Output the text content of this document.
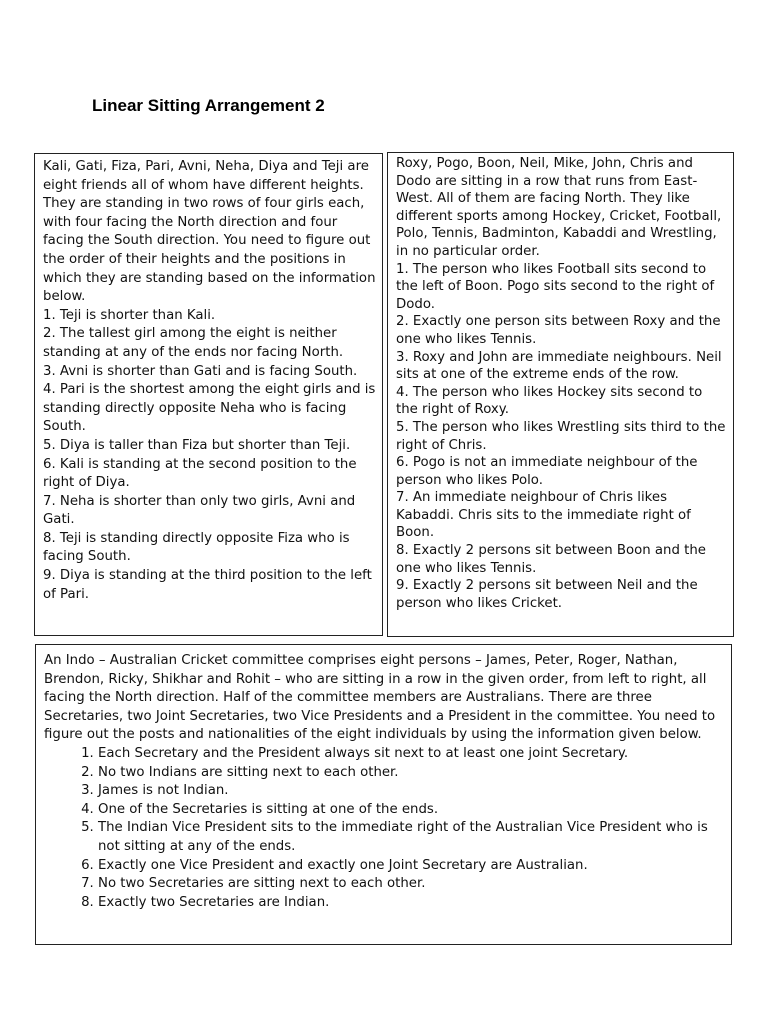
Linear Sitting Arrangement 2

Kali, Gati, Fiza, Pari, Avni, Neha, Diya and Teji are eight friends all of whom have different heights. They are standing in two rows of four girls each, with four facing the North direction and four facing the South direction. You need to figure out the order of their heights and the positions in which they are standing based on the information below.

1. Teji is shorter than Kali.

2. The tallest girl among the eight is neither standing at any of the ends nor facing North.

3. Avni is shorter than Gati and is facing South.

4. Pari is the shortest among the eight girls and is standing directly opposite Neha who is facing South.

5. Diya is taller than Fiza but shorter than Teji.

6. Kali is standing at the second position to the right of Diya.

7. Neha is shorter than only two girls, Avni and Gati.

8. Teji is standing directly opposite Fiza who is facing South.

9. Diya is standing at the third position to the left of Pari.

Roxy, Pogo, Boon, Neil, Mike, John, Chris and Dodo are sitting in a row that runs from East-West. All of them are facing North. They like different sports among Hockey, Cricket, Football, Polo, Tennis, Badminton, Kabaddi and Wrestling, in no particular order.

1. The person who likes Football sits second to the left of Boon. Pogo sits second to the right of Dodo.

2. Exactly one person sits between Roxy and the one who likes Tennis.

3. Roxy and John are immediate neighbours. Neil sits at one of the extreme ends of the row.

4. The person who likes Hockey sits second to the right of Roxy.

5. The person who likes Wrestling sits third to the right of Chris.

6. Pogo is not an immediate neighbour of the person who likes Polo.

7. An immediate neighbour of Chris likes Kabaddi. Chris sits to the immediate right of Boon.

8. Exactly 2 persons sit between Boon and the one who likes Tennis.

9. Exactly 2 persons sit between Neil and the person who likes Cricket.

An Indo – Australian Cricket committee comprises eight persons – James, Peter, Roger, Nathan, Brendon, Ricky, Shikhar and Rohit – who are sitting in a row in the given order, from left to right, all facing the North direction. Half of the committee members are Australians. There are three Secretaries, two Joint Secretaries, two Vice Presidents and a President in the committee. You need to figure out the posts and nationalities of the eight individuals by using the information given below.

1. Each Secretary and the President always sit next to at least one joint Secretary.
2. No two Indians are sitting next to each other.
3. James is not Indian.
4. One of the Secretaries is sitting at one of the ends.
5. The Indian Vice President sits to the immediate right of the Australian Vice President who is not sitting at any of the ends.
6. Exactly one Vice President and exactly one Joint Secretary are Australian.
7. No two Secretaries are sitting next to each other.
8. Exactly two Secretaries are Indian.
